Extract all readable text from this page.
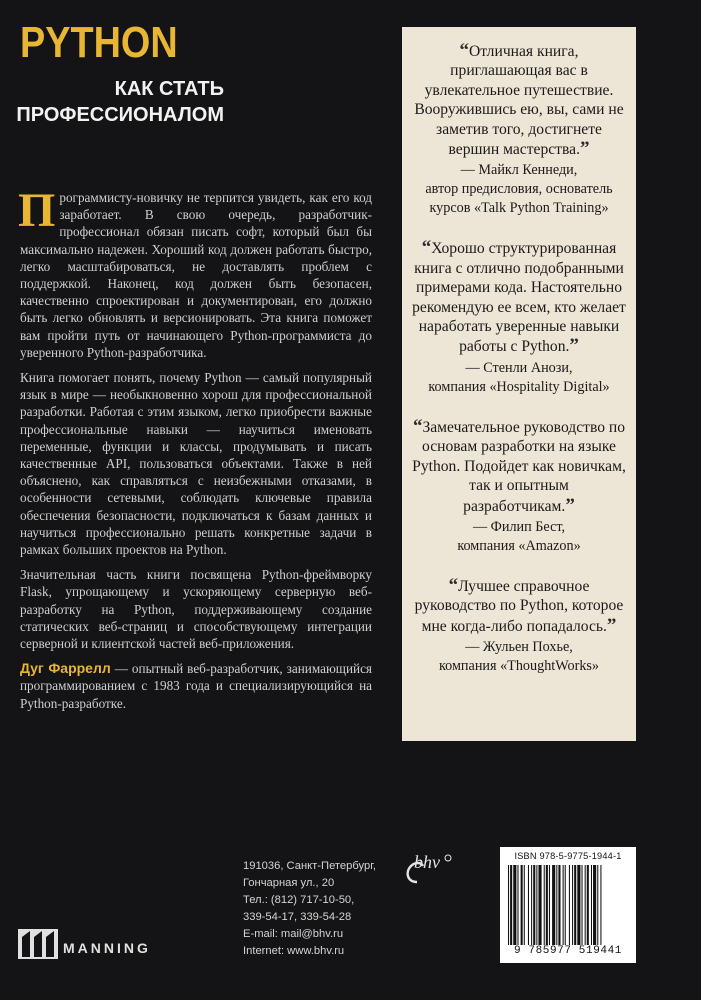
PYTHON
КАК СТАТЬ
ПРОФЕССИОНАЛОМ

Программисту-новичку не терпится увидеть, как его код заработает. В свою очередь, разработчик-профессионал обязан писать софт, который был бы максимально надежен. Хороший код должен работать быстро, легко масштабироваться, не доставлять проблем с поддержкой. Наконец, код должен быть безопасен, качественно спроектирован и документирован, его должно быть легко обновлять и версионировать. Эта книга поможет вам пройти путь от начинающего Python-программиста до уверенного Python-разработчика.

Книга помогает понять, почему Python — самый популярный язык в мире — необыкновенно хорош для профессиональной разработки. Работая с этим языком, легко приобрести важные профессиональные навыки — научиться именовать переменные, функции и классы, продумывать и писать качественные API, пользоваться объектами. Также в ней объяснено, как справляться с неизбежными отказами, в особенности сетевыми, соблюдать ключевые правила обеспечения безопасности, подключаться к базам данных и научиться профессионально решать конкретные задачи в рамках больших проектов на Python.

Значительная часть книги посвящена Python-фреймворку Flask, упрощающему и ускоряющему серверную веб-разработку на Python, поддерживающему создание статических веб-страниц и способствующему интеграции серверной и клиентской частей веб-приложения.

Дуг Фаррелл — опытный веб-разработчик, занимающийся программированием с 1983 года и специализирующийся на Python-разработке.

“Отличная книга, приглашающая вас в увлекательное путешествие. Вооружившись ею, вы, сами не заметив того, достигнете вершин мастерства.”
— Майкл Кеннеди,
автор предисловия, основатель курсов «Talk Python Training»
“Хорошо структурированная книга с отлично подобранными примерами кода. Настоятельно рекомендую ее всем, кто желает наработать уверенные навыки работы с Python.”
— Стенли Анози,
компания «Hospitality Digital»
“Замечательное руководство по основам разработки на языке Python. Подойдет как новичкам, так и опытным разработчикам.”
— Филип Бест,
компания «Amazon»
“Лучшее справочное руководство по Python, которое мне когда-либо попадалось.”
— Жульен Похье,
компания «ThoughtWorks»
bhv
191036, Санкт-Петербург,
Гончарная ул., 20
Тел.: (812) 717-10-50,
339-54-17, 339-54-28
E-mail: mail@bhv.ru
Internet: www.bhv.ru
MANNING
ISBN 978-5-9775-1944-1
9 785977 519441
